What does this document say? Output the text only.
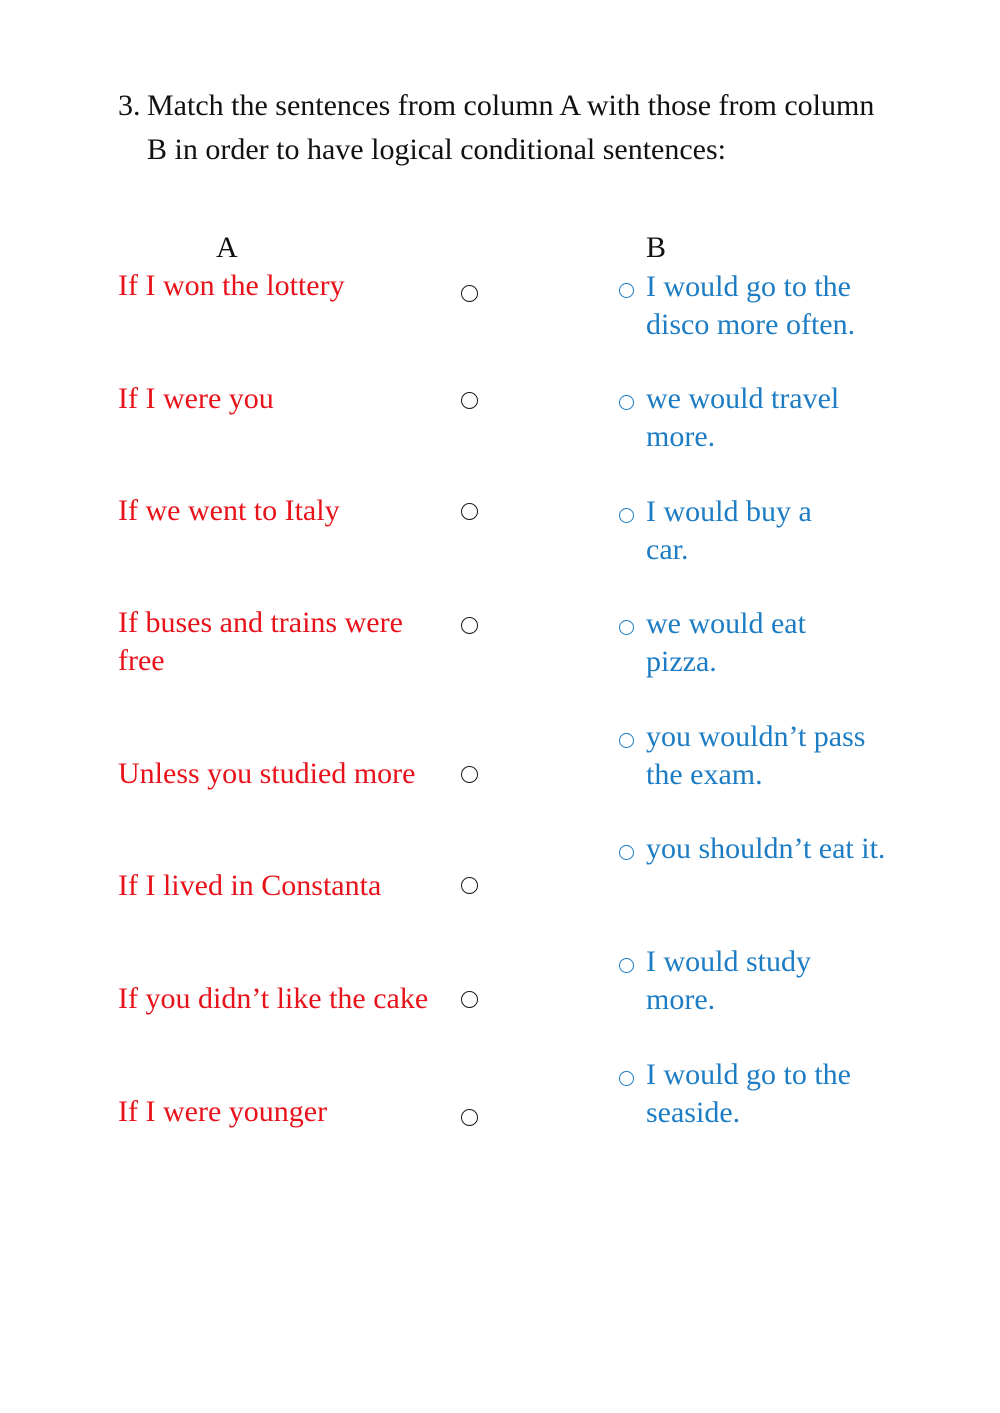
3. Match the sentences from column A with those from column B in order to have logical conditional sentences:
A	B
If I won the lottery
If I were you
If we went to Italy
If buses and trains were free
Unless you studied more
If I lived in Constanta
If you didn’t like the cake
If I were younger
I would go to the disco more often.
we would travel more.
I would buy a car.
we would eat pizza.
you wouldn’t pass the exam.
you shouldn’t eat it.
I would study more.
I would go to the seaside.
